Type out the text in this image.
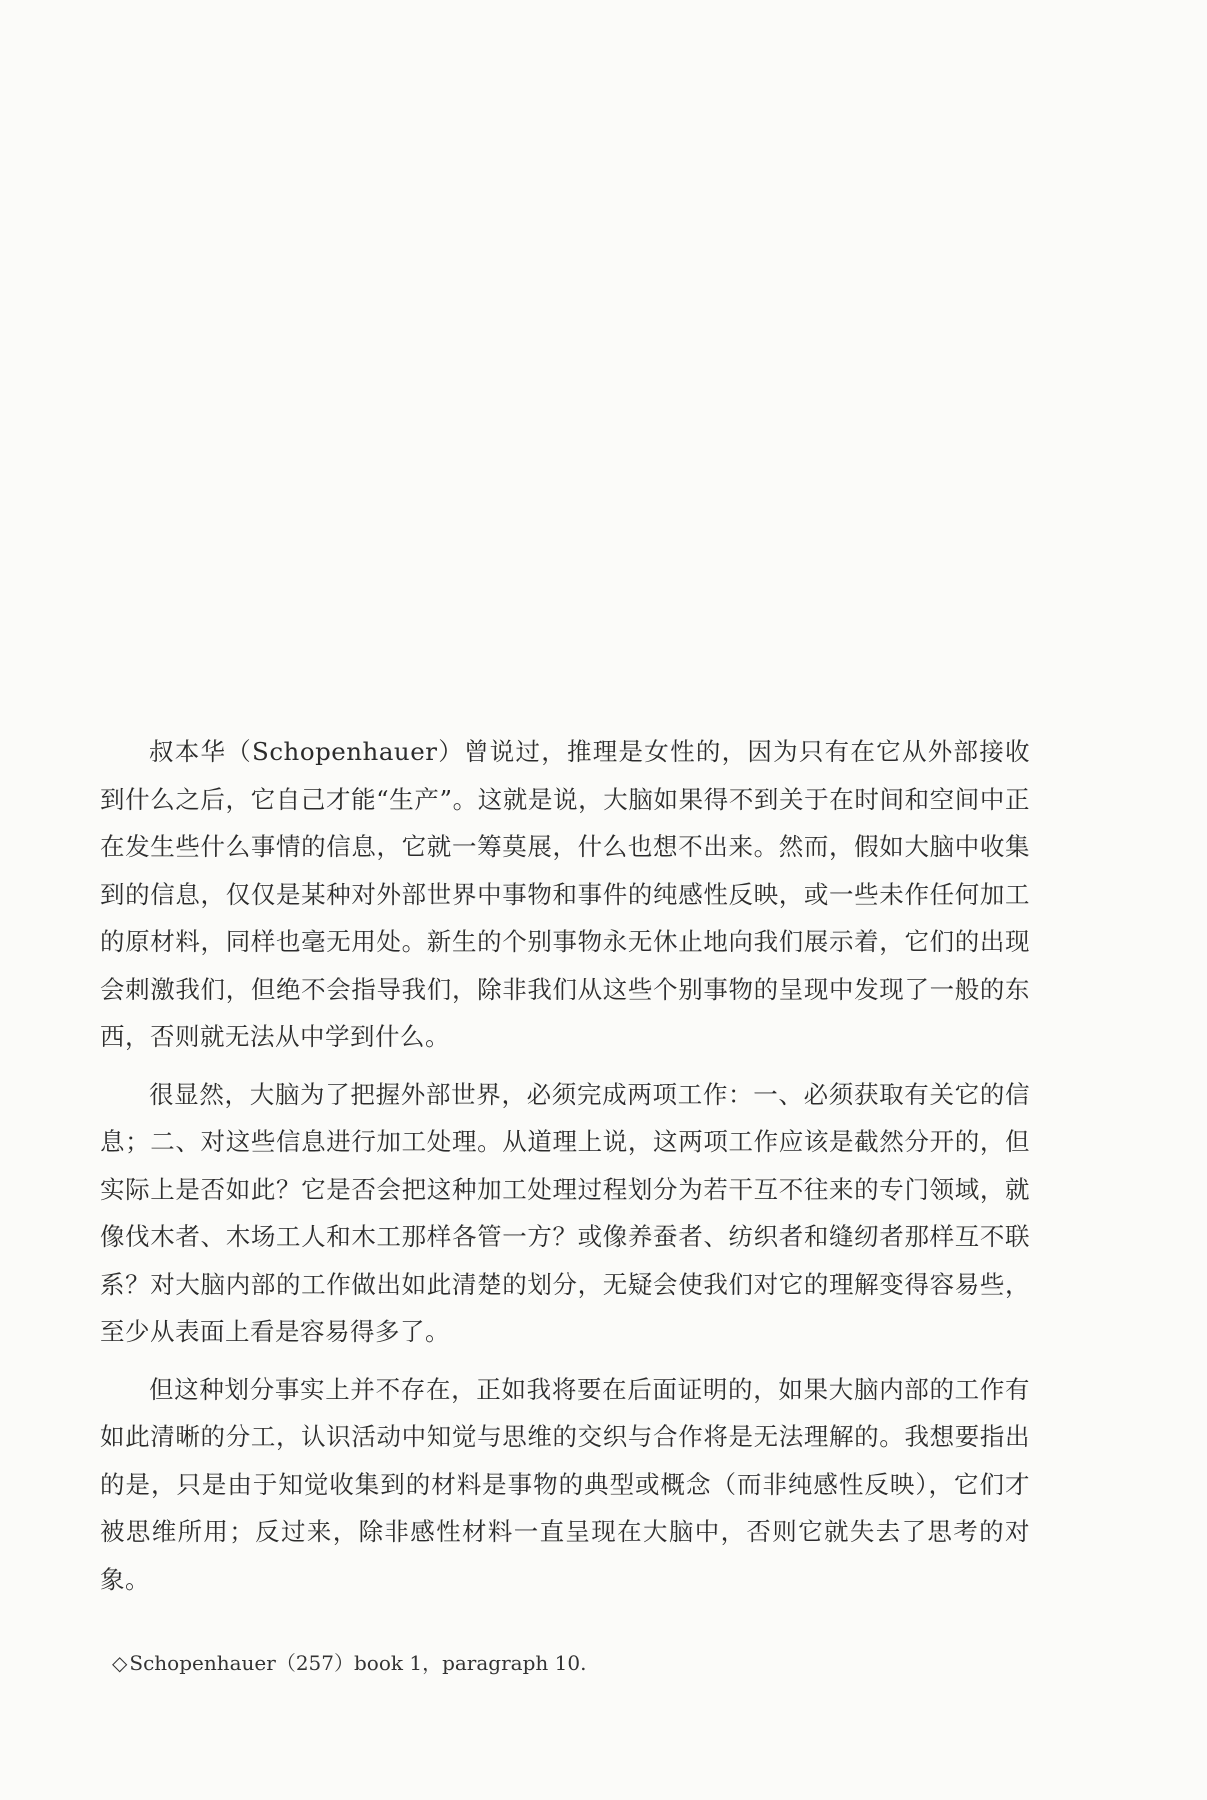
叔本华（Schopenhauer）曾说过，推理是女性的，因为只有在它从外部接收到什么之后，它自己才能“生产”。这就是说，大脑如果得不到关于在时间和空间中正在发生些什么事情的信息，它就一筹莫展，什么也想不出来。然而，假如大脑中收集到的信息，仅仅是某种对外部世界中事物和事件的纯感性反映，或一些未作任何加工的原材料，同样也毫无用处。新生的个别事物永无休止地向我们展示着，它们的出现会刺激我们，但绝不会指导我们，除非我们从这些个别事物的呈现中发现了一般的东西，否则就无法从中学到什么。

很显然，大脑为了把握外部世界，必须完成两项工作：一、必须获取有关它的信息；二、对这些信息进行加工处理。从道理上说，这两项工作应该是截然分开的，但实际上是否如此？它是否会把这种加工处理过程划分为若干互不往来的专门领域，就像伐木者、木场工人和木工那样各管一方？或像养蚕者、纺织者和缝纫者那样互不联系？对大脑内部的工作做出如此清楚的划分，无疑会使我们对它的理解变得容易些，至少从表面上看是容易得多了。

但这种划分事实上并不存在，正如我将要在后面证明的，如果大脑内部的工作有如此清晰的分工，认识活动中知觉与思维的交织与合作将是无法理解的。我想要指出的是，只是由于知觉收集到的材料是事物的典型或概念（而非纯感性反映），它们才被思维所用；反过来，除非感性材料一直呈现在大脑中，否则它就失去了思考的对象。

◇ Schopenhauer（257）book 1，paragraph 10.
